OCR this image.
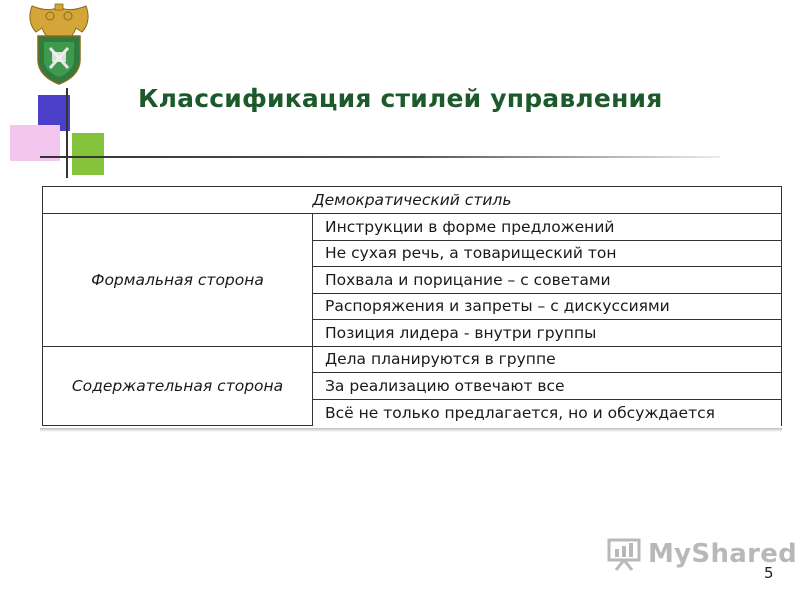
Классификация стилей управления
Демократический стиль	
Формальная сторона	Инструкции в форме предложений
	Не сухая речь, а товарищеский тон
	Похвала и порицание – с советами
	Распоряжения и запреты – с дискуссиями
	Позиция лидера - внутри группы
Содержательная сторона	Дела планируются в группе
	За реализацию отвечают все
	Всё не только предлагается, но и обсуждается
MyShared
5
